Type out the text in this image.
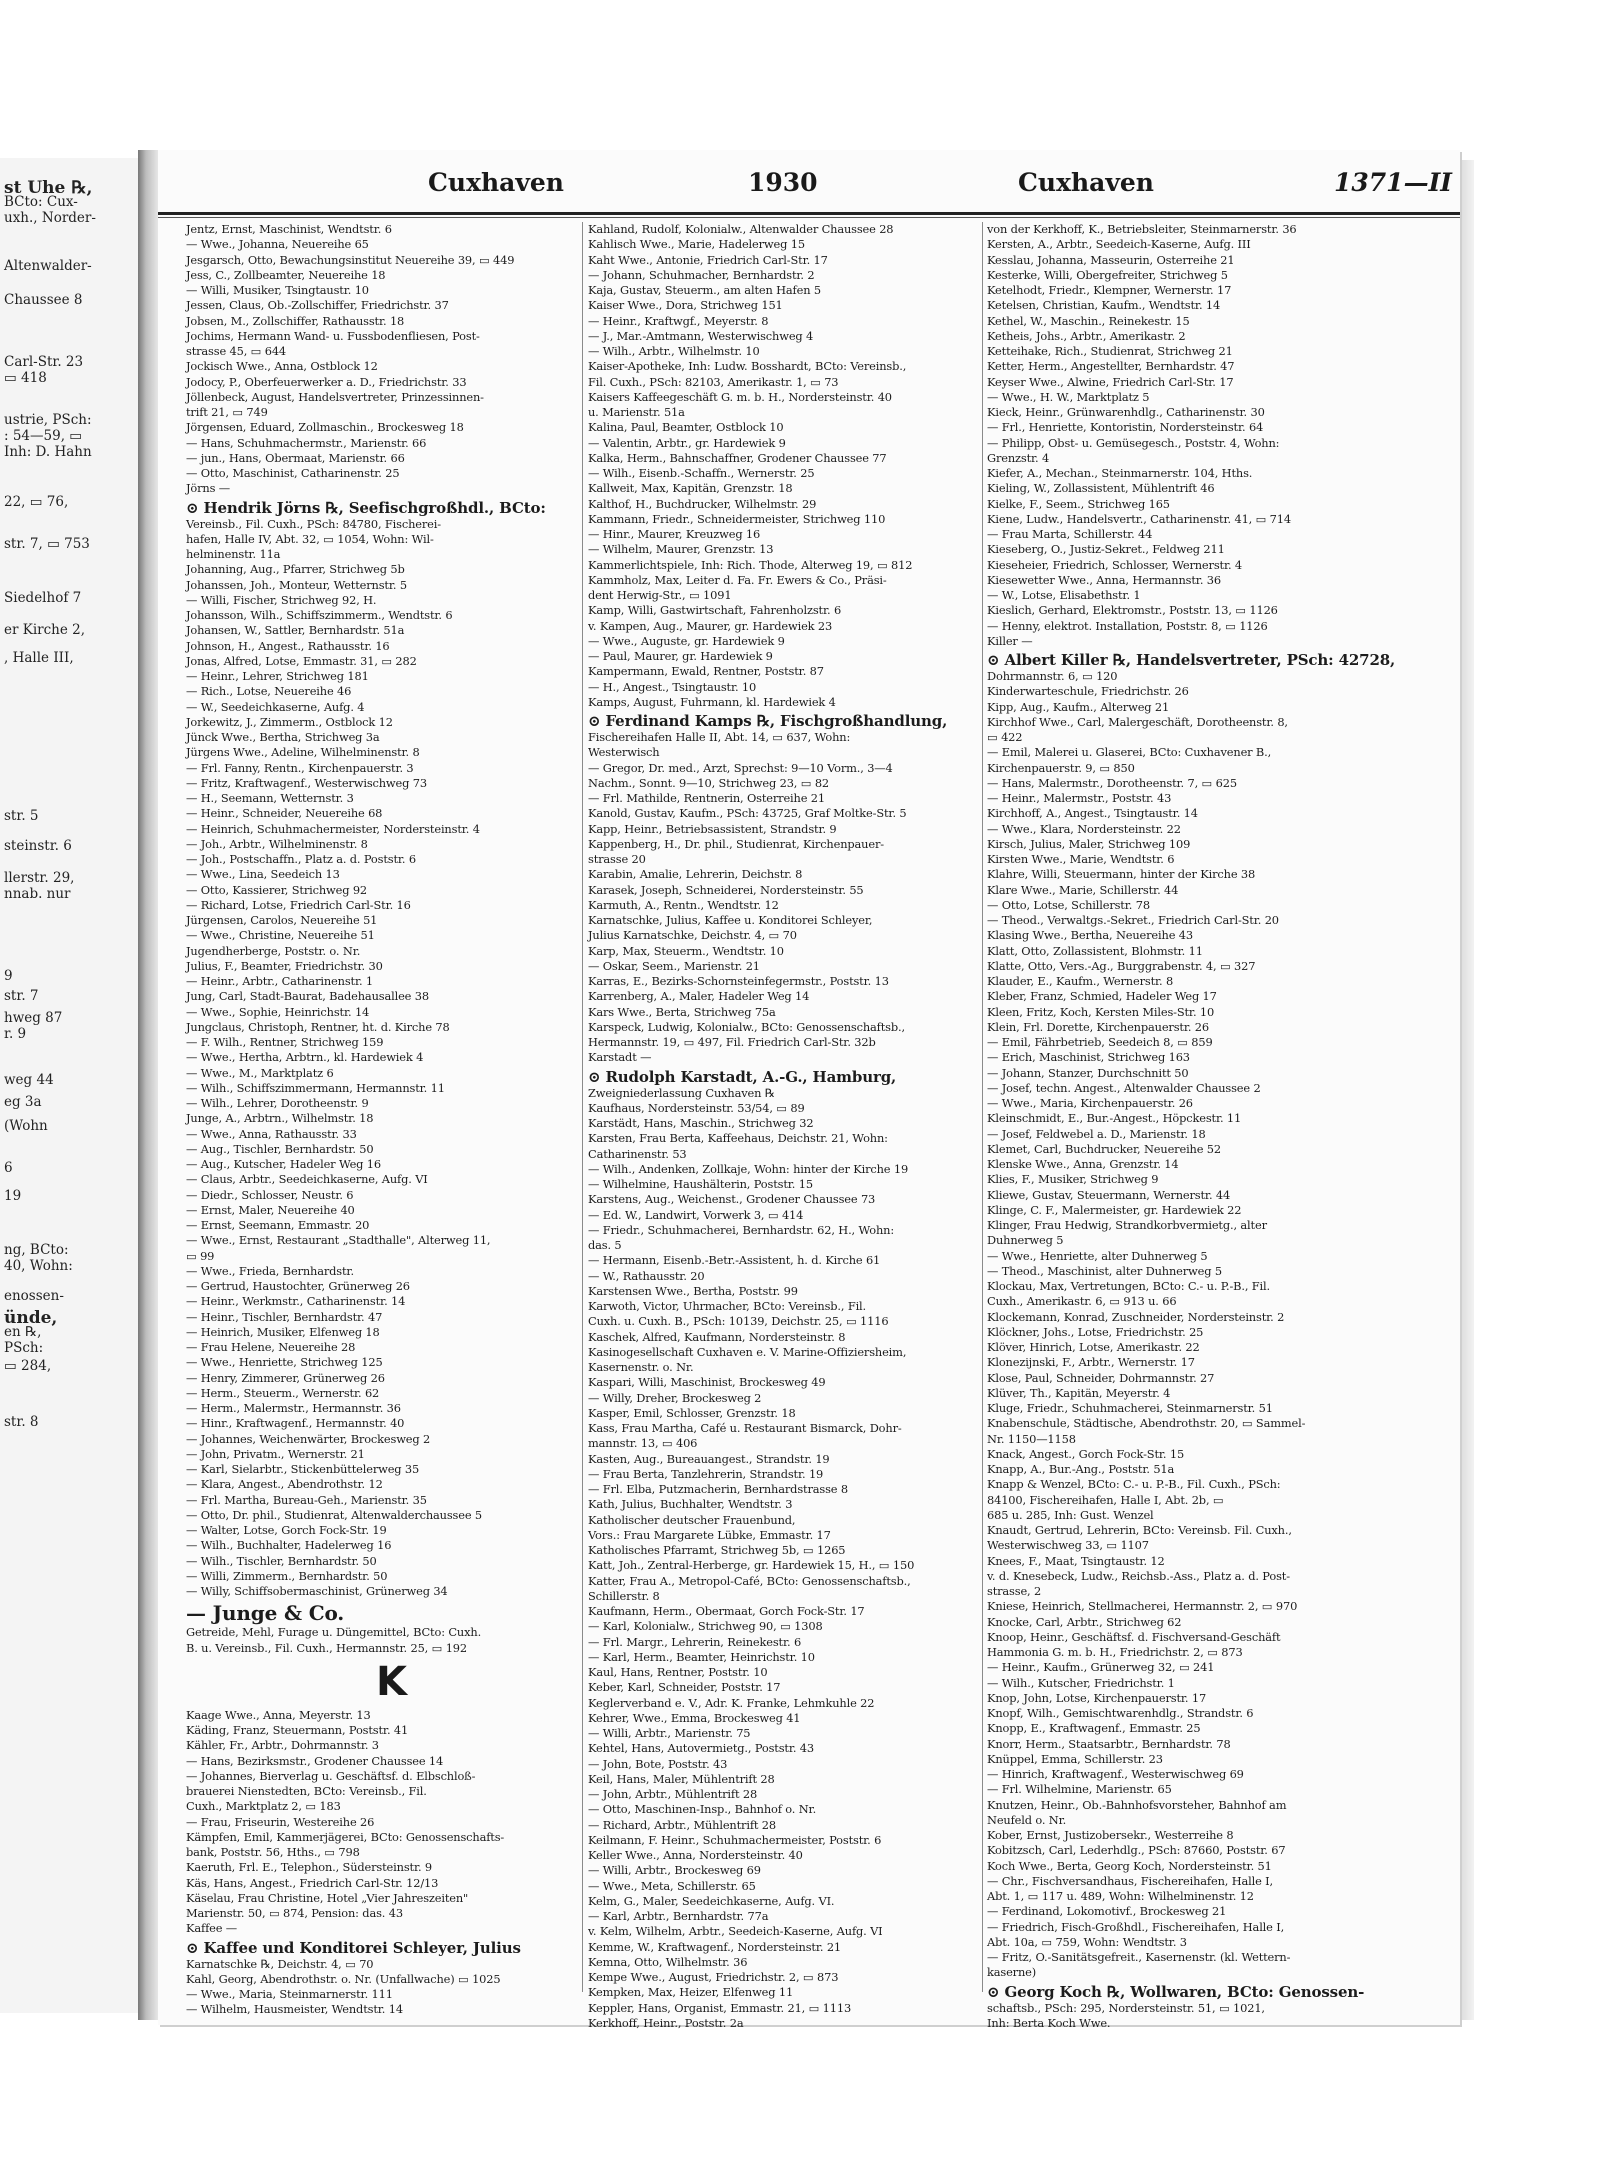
st Uhe ℞,
BCto: Cux-
uxh., Norder-
Altenwalder-
Chaussee 8
Carl-Str. 23
▭ 418
ustrie, PSch:
: 54—59, ▭
Inh: D. Hahn
22, ▭ 76,
str. 7, ▭ 753
Siedelhof 7
er Kirche 2,
, Halle III,
str. 5
steinstr. 6
llerstr. 29,
nnab. nur
9
str. 7
hweg 87
r. 9
weg 44
eg 3a
(Wohn
6
19
ng, BCto:
40, Wohn:
enossen-
ünde,
en ℞,
PSch:
▭ 284,
str. 8
Cuxhaven	1930	Cuxhaven	1371—II
Jentz, Ernst, Maschinist, Wendtstr. 6
— Wwe., Johanna, Neuereihe 65
Jesgarsch, Otto, Bewachungsinstitut Neuereihe 39, ▭ 449
Jess, C., Zollbeamter, Neuereihe 18
— Willi, Musiker, Tsingtaustr. 10
Jessen, Claus, Ob.-Zollschiffer, Friedrichstr. 37
Jobsen, M., Zollschiffer, Rathausstr. 18
Jochims, Hermann Wand- u. Fussbodenfliesen, Post-
strasse 45, ▭ 644
Jockisch Wwe., Anna, Ostblock 12
Jodocy, P., Oberfeuerwerker a. D., Friedrichstr. 33
Jöllenbeck, August, Handelsvertreter, Prinzessinnen-
trift 21, ▭ 749
Jörgensen, Eduard, Zollmaschin., Brockesweg 18
— Hans, Schuhmachermstr., Marienstr. 66
— jun., Hans, Obermaat, Marienstr. 66
— Otto, Maschinist, Catharinenstr. 25
Jörns —
⊙ Hendrik Jörns ℞, Seefischgroßhdl., BCto:
Vereinsb., Fil. Cuxh., PSch: 84780, Fischerei-
hafen, Halle IV, Abt. 32, ▭ 1054, Wohn: Wil-
helminenstr. 11a
Johanning, Aug., Pfarrer, Strichweg 5b
Johanssen, Joh., Monteur, Wetternstr. 5
— Willi, Fischer, Strichweg 92, H.
Johansson, Wilh., Schiffszimmerm., Wendtstr. 6
Johansen, W., Sattler, Bernhardstr. 51a
Johnson, H., Angest., Rathausstr. 16
Jonas, Alfred, Lotse, Emmastr. 31, ▭ 282
— Heinr., Lehrer, Strichweg 181
— Rich., Lotse, Neuereihe 46
— W., Seedeichkaserne, Aufg. 4
Jorkewitz, J., Zimmerm., Ostblock 12
Jünck Wwe., Bertha, Strichweg 3a
Jürgens Wwe., Adeline, Wilhelminenstr. 8
— Frl. Fanny, Rentn., Kirchenpauerstr. 3
— Fritz, Kraftwagenf., Westerwischweg 73
— H., Seemann, Wetternstr. 3
— Heinr., Schneider, Neuereihe 68
— Heinrich, Schuhmachermeister, Nordersteinstr. 4
— Joh., Arbtr., Wilhelminenstr. 8
— Joh., Postschaffn., Platz a. d. Poststr. 6
— Wwe., Lina, Seedeich 13
— Otto, Kassierer, Strichweg 92
— Richard, Lotse, Friedrich Carl-Str. 16
Jürgensen, Carolos, Neuereihe 51
— Wwe., Christine, Neuereihe 51
Jugendherberge, Poststr. o. Nr.
Julius, F., Beamter, Friedrichstr. 30
— Heinr., Arbtr., Catharinenstr. 1
Jung, Carl, Stadt-Baurat, Badehausallee 38
— Wwe., Sophie, Heinrichstr. 14
Jungclaus, Christoph, Rentner, ht. d. Kirche 78
— F. Wilh., Rentner, Strichweg 159
— Wwe., Hertha, Arbtrn., kl. Hardewiek 4
— Wwe., M., Marktplatz 6
— Wilh., Schiffszimmermann, Hermannstr. 11
— Wilh., Lehrer, Dorotheenstr. 9
Junge, A., Arbtrn., Wilhelmstr. 18
— Wwe., Anna, Rathausstr. 33
— Aug., Tischler, Bernhardstr. 50
— Aug., Kutscher, Hadeler Weg 16
— Claus, Arbtr., Seedeichkaserne, Aufg. VI
— Diedr., Schlosser, Neustr. 6
— Ernst, Maler, Neuereihe 40
— Ernst, Seemann, Emmastr. 20
— Wwe., Ernst, Restaurant „Stadthalle", Alterweg 11,
▭ 99
— Wwe., Frieda, Bernhardstr.
— Gertrud, Haustochter, Grünerweg 26
— Heinr., Werkmstr., Catharinenstr. 14
— Heinr., Tischler, Bernhardstr. 47
— Heinrich, Musiker, Elfenweg 18
— Frau Helene, Neuereihe 28
— Wwe., Henriette, Strichweg 125
— Henry, Zimmerer, Grünerweg 26
— Herm., Steuerm., Wernerstr. 62
— Herm., Malermstr., Hermannstr. 36
— Hinr., Kraftwagenf., Hermannstr. 40
— Johannes, Weichenwärter, Brockesweg 2
— John, Privatm., Wernerstr. 21
— Karl, Sielarbtr., Stickenbüttelerweg 35
— Klara, Angest., Abendrothstr. 12
— Frl. Martha, Bureau-Geh., Marienstr. 35
— Otto, Dr. phil., Studienrat, Altenwalderchaussee 5
— Walter, Lotse, Gorch Fock-Str. 19
— Wilh., Buchhalter, Hadelerweg 16
— Wilh., Tischler, Bernhardstr. 50
— Willi, Zimmerm., Bernhardstr. 50
— Willy, Schiffsobermaschinist, Grünerweg 34
— Junge & Co.
Getreide, Mehl, Furage u. Düngemittel, BCto: Cuxh.
B. u. Vereinsb., Fil. Cuxh., Hermannstr. 25, ▭ 192
K
Kaage Wwe., Anna, Meyerstr. 13
Käding, Franz, Steuermann, Poststr. 41
Kähler, Fr., Arbtr., Dohrmannstr. 3
— Hans, Bezirksmstr., Grodener Chaussee 14
— Johannes, Bierverlag u. Geschäftsf. d. Elbschloß-
brauerei Nienstedten, BCto: Vereinsb., Fil.
Cuxh., Marktplatz 2, ▭ 183
— Frau, Friseurin, Westereihe 26
Kämpfen, Emil, Kammerjägerei, BCto: Genossenschafts-
bank, Poststr. 56, Hths., ▭ 798
Kaeruth, Frl. E., Telephon., Südersteinstr. 9
Käs, Hans, Angest., Friedrich Carl-Str. 12/13
Käselau, Frau Christine, Hotel „Vier Jahreszeiten"
Marienstr. 50, ▭ 874, Pension: das. 43
Kaffee —
⊙ Kaffee und Konditorei Schleyer, Julius
Karnatschke ℞, Deichstr. 4, ▭ 70
Kahl, Georg, Abendrothstr. o. Nr. (Unfallwache) ▭ 1025
— Wwe., Maria, Steinmarnerstr. 111
— Wilhelm, Hausmeister, Wendtstr. 14
Kahland, Rudolf, Kolonialw., Altenwalder Chaussee 28
Kahlisch Wwe., Marie, Hadelerweg 15
Kaht Wwe., Antonie, Friedrich Carl-Str. 17
— Johann, Schuhmacher, Bernhardstr. 2
Kaja, Gustav, Steuerm., am alten Hafen 5
Kaiser Wwe., Dora, Strichweg 151
— Heinr., Kraftwgf., Meyerstr. 8
— J., Mar.-Amtmann, Westerwischweg 4
— Wilh., Arbtr., Wilhelmstr. 10
Kaiser-Apotheke, Inh: Ludw. Bosshardt, BCto: Vereinsb.,
Fil. Cuxh., PSch: 82103, Amerikastr. 1, ▭ 73
Kaisers Kaffeegeschäft G. m. b. H., Nordersteinstr. 40
u. Marienstr. 51a
Kalina, Paul, Beamter, Ostblock 10
— Valentin, Arbtr., gr. Hardewiek 9
Kalka, Herm., Bahnschaffner, Grodener Chaussee 77
— Wilh., Eisenb.-Schaffn., Wernerstr. 25
Kallweit, Max, Kapitän, Grenzstr. 18
Kalthof, H., Buchdrucker, Wilhelmstr. 29
Kammann, Friedr., Schneidermeister, Strichweg 110
— Hinr., Maurer, Kreuzweg 16
— Wilhelm, Maurer, Grenzstr. 13
Kammerlichtspiele, Inh: Rich. Thode, Alterweg 19, ▭ 812
Kammholz, Max, Leiter d. Fa. Fr. Ewers & Co., Präsi-
dent Herwig-Str., ▭ 1091
Kamp, Willi, Gastwirtschaft, Fahrenholzstr. 6
v. Kampen, Aug., Maurer, gr. Hardewiek 23
— Wwe., Auguste, gr. Hardewiek 9
— Paul, Maurer, gr. Hardewiek 9
Kampermann, Ewald, Rentner, Poststr. 87
— H., Angest., Tsingtaustr. 10
Kamps, August, Fuhrmann, kl. Hardewiek 4
⊙ Ferdinand Kamps ℞, Fischgroßhandlung,
Fischereihafen Halle II, Abt. 14, ▭ 637, Wohn:
Westerwisch
— Gregor, Dr. med., Arzt, Sprechst: 9—10 Vorm., 3—4
Nachm., Sonnt. 9—10, Strichweg 23, ▭ 82
— Frl. Mathilde, Rentnerin, Osterreihe 21
Kanold, Gustav, Kaufm., PSch: 43725, Graf Moltke-Str. 5
Kapp, Heinr., Betriebsassistent, Strandstr. 9
Kappenberg, H., Dr. phil., Studienrat, Kirchenpauer-
strasse 20
Karabin, Amalie, Lehrerin, Deichstr. 8
Karasek, Joseph, Schneiderei, Nordersteinstr. 55
Karmuth, A., Rentn., Wendtstr. 12
Karnatschke, Julius, Kaffee u. Konditorei Schleyer,
Julius Karnatschke, Deichstr. 4, ▭ 70
Karp, Max, Steuerm., Wendtstr. 10
— Oskar, Seem., Marienstr. 21
Karras, E., Bezirks-Schornsteinfegermstr., Poststr. 13
Karrenberg, A., Maler, Hadeler Weg 14
Kars Wwe., Berta, Strichweg 75a
Karspeck, Ludwig, Kolonialw., BCto: Genossenschaftsb.,
Hermannstr. 19, ▭ 497, Fil. Friedrich Carl-Str. 32b
Karstadt —
⊙ Rudolph Karstadt, A.-G., Hamburg,
Zweigniederlassung Cuxhaven ℞
Kaufhaus, Nordersteinstr. 53/54, ▭ 89
Karstädt, Hans, Maschin., Strichweg 32
Karsten, Frau Berta, Kaffeehaus, Deichstr. 21, Wohn:
Catharinenstr. 53
— Wilh., Andenken, Zollkaje, Wohn: hinter der Kirche 19
— Wilhelmine, Haushälterin, Poststr. 15
Karstens, Aug., Weichenst., Grodener Chaussee 73
— Ed. W., Landwirt, Vorwerk 3, ▭ 414
— Friedr., Schuhmacherei, Bernhardstr. 62, H., Wohn:
das. 5
— Hermann, Eisenb.-Betr.-Assistent, h. d. Kirche 61
— W., Rathausstr. 20
Karstensen Wwe., Bertha, Poststr. 99
Karwoth, Victor, Uhrmacher, BCto: Vereinsb., Fil.
Cuxh. u. Cuxh. B., PSch: 10139, Deichstr. 25, ▭ 1116
Kaschek, Alfred, Kaufmann, Nordersteinstr. 8
Kasinogesellschaft Cuxhaven e. V. Marine-Offiziersheim,
Kasernenstr. o. Nr.
Kaspari, Willi, Maschinist, Brockesweg 49
— Willy, Dreher, Brockesweg 2
Kasper, Emil, Schlosser, Grenzstr. 18
Kass, Frau Martha, Café u. Restaurant Bismarck, Dohr-
mannstr. 13, ▭ 406
Kasten, Aug., Bureauangest., Strandstr. 19
— Frau Berta, Tanzlehrerin, Strandstr. 19
— Frl. Elba, Putzmacherin, Bernhardstrasse 8
Kath, Julius, Buchhalter, Wendtstr. 3
Katholischer deutscher Frauenbund,
Vors.: Frau Margarete Lübke, Emmastr. 17
Katholisches Pfarramt, Strichweg 5b, ▭ 1265
Katt, Joh., Zentral-Herberge, gr. Hardewiek 15, H., ▭ 150
Katter, Frau A., Metropol-Café, BCto: Genossenschaftsb.,
Schillerstr. 8
Kaufmann, Herm., Obermaat, Gorch Fock-Str. 17
— Karl, Kolonialw., Strichweg 90, ▭ 1308
— Frl. Margr., Lehrerin, Reinekestr. 6
— Karl, Herm., Beamter, Heinrichstr. 10
Kaul, Hans, Rentner, Poststr. 10
Keber, Karl, Schneider, Poststr. 17
Keglerverband e. V., Adr. K. Franke, Lehmkuhle 22
Kehrer, Wwe., Emma, Brockesweg 41
— Willi, Arbtr., Marienstr. 75
Kehtel, Hans, Autovermietg., Poststr. 43
— John, Bote, Poststr. 43
Keil, Hans, Maler, Mühlentrift 28
— John, Arbtr., Mühlentrift 28
— Otto, Maschinen-Insp., Bahnhof o. Nr.
— Richard, Arbtr., Mühlentrift 28
Keilmann, F. Heinr., Schuhmachermeister, Poststr. 6
Keller Wwe., Anna, Nordersteinstr. 40
— Willi, Arbtr., Brockesweg 69
— Wwe., Meta, Schillerstr. 65
Kelm, G., Maler, Seedeichkaserne, Aufg. VI.
— Karl, Arbtr., Bernhardstr. 77a
v. Kelm, Wilhelm, Arbtr., Seedeich-Kaserne, Aufg. VI
Kemme, W., Kraftwagenf., Nordersteinstr. 21
Kemna, Otto, Wilhelmstr. 36
Kempe Wwe., August, Friedrichstr. 2, ▭ 873
Kempken, Max, Heizer, Elfenweg 11
Keppler, Hans, Organist, Emmastr. 21, ▭ 1113
Kerkhoff, Heinr., Poststr. 2a
von der Kerkhoff, K., Betriebsleiter, Steinmarnerstr. 36
Kersten, A., Arbtr., Seedeich-Kaserne, Aufg. III
Kesslau, Johanna, Masseurin, Osterreihe 21
Kesterke, Willi, Obergefreiter, Strichweg 5
Ketelhodt, Friedr., Klempner, Wernerstr. 17
Ketelsen, Christian, Kaufm., Wendtstr. 14
Kethel, W., Maschin., Reinekestr. 15
Ketheis, Johs., Arbtr., Amerikastr. 2
Ketteihake, Rich., Studienrat, Strichweg 21
Ketter, Herm., Angestellter, Bernhardstr. 47
Keyser Wwe., Alwine, Friedrich Carl-Str. 17
— Wwe., H. W., Marktplatz 5
Kieck, Heinr., Grünwarenhdlg., Catharinenstr. 30
— Frl., Henriette, Kontoristin, Nordersteinstr. 64
— Philipp, Obst- u. Gemüsegesch., Poststr. 4, Wohn:
Grenzstr. 4
Kiefer, A., Mechan., Steinmarnerstr. 104, Hths.
Kieling, W., Zollassistent, Mühlentrift 46
Kielke, F., Seem., Strichweg 165
Kiene, Ludw., Handelsvertr., Catharinenstr. 41, ▭ 714
— Frau Marta, Schillerstr. 44
Kieseberg, O., Justiz-Sekret., Feldweg 211
Kieseheier, Friedrich, Schlosser, Wernerstr. 4
Kiesewetter Wwe., Anna, Hermannstr. 36
— W., Lotse, Elisabethstr. 1
Kieslich, Gerhard, Elektromstr., Poststr. 13, ▭ 1126
— Henny, elektrot. Installation, Poststr. 8, ▭ 1126
Killer —
⊙ Albert Killer ℞, Handelsvertreter, PSch: 42728,
Dohrmannstr. 6, ▭ 120
Kinderwarteschule, Friedrichstr. 26
Kipp, Aug., Kaufm., Alterweg 21
Kirchhof Wwe., Carl, Malergeschäft, Dorotheenstr. 8,
▭ 422
— Emil, Malerei u. Glaserei, BCto: Cuxhavener B.,
Kirchenpauerstr. 9, ▭ 850
— Hans, Malermstr., Dorotheenstr. 7, ▭ 625
— Heinr., Malermstr., Poststr. 43
Kirchhoff, A., Angest., Tsingtaustr. 14
— Wwe., Klara, Nordersteinstr. 22
Kirsch, Julius, Maler, Strichweg 109
Kirsten Wwe., Marie, Wendtstr. 6
Klahre, Willi, Steuermann, hinter der Kirche 38
Klare Wwe., Marie, Schillerstr. 44
— Otto, Lotse, Schillerstr. 78
— Theod., Verwaltgs.-Sekret., Friedrich Carl-Str. 20
Klasing Wwe., Bertha, Neuereihe 43
Klatt, Otto, Zollassistent, Blohmstr. 11
Klatte, Otto, Vers.-Ag., Burggrabenstr. 4, ▭ 327
Klauder, E., Kaufm., Wernerstr. 8
Kleber, Franz, Schmied, Hadeler Weg 17
Kleen, Fritz, Koch, Kersten Miles-Str. 10
Klein, Frl. Dorette, Kirchenpauerstr. 26
— Emil, Fährbetrieb, Seedeich 8, ▭ 859
— Erich, Maschinist, Strichweg 163
— Johann, Stanzer, Durchschnitt 50
— Josef, techn. Angest., Altenwalder Chaussee 2
— Wwe., Maria, Kirchenpauerstr. 26
Kleinschmidt, E., Bur.-Angest., Höpckestr. 11
— Josef, Feldwebel a. D., Marienstr. 18
Klemet, Carl, Buchdrucker, Neuereihe 52
Klenske Wwe., Anna, Grenzstr. 14
Klies, F., Musiker, Strichweg 9
Kliewe, Gustav, Steuermann, Wernerstr. 44
Klinge, C. F., Malermeister, gr. Hardewiek 22
Klinger, Frau Hedwig, Strandkorbvermietg., alter
Duhnerweg 5
— Wwe., Henriette, alter Duhnerweg 5
— Theod., Maschinist, alter Duhnerweg 5
Klockau, Max, Vertretungen, BCto: C.- u. P.-B., Fil.
Cuxh., Amerikastr. 6, ▭ 913 u. 66
Klockemann, Konrad, Zuschneider, Nordersteinstr. 2
Klöckner, Johs., Lotse, Friedrichstr. 25
Klöver, Hinrich, Lotse, Amerikastr. 22
Klonezijnski, F., Arbtr., Wernerstr. 17
Klose, Paul, Schneider, Dohrmannstr. 27
Klüver, Th., Kapitän, Meyerstr. 4
Kluge, Friedr., Schuhmacherei, Steinmarnerstr. 51
Knabenschule, Städtische, Abendrothstr. 20, ▭ Sammel-
Nr. 1150—1158
Knack, Angest., Gorch Fock-Str. 15
Knapp, A., Bur.-Ang., Poststr. 51a
Knapp & Wenzel, BCto: C.- u. P.-B., Fil. Cuxh., PSch:
84100, Fischereihafen, Halle I, Abt. 2b, ▭
685 u. 285, Inh: Gust. Wenzel
Knaudt, Gertrud, Lehrerin, BCto: Vereinsb. Fil. Cuxh.,
Westerwischweg 33, ▭ 1107
Knees, F., Maat, Tsingtaustr. 12
v. d. Knesebeck, Ludw., Reichsb.-Ass., Platz a. d. Post-
strasse, 2
Kniese, Heinrich, Stellmacherei, Hermannstr. 2, ▭ 970
Knocke, Carl, Arbtr., Strichweg 62
Knoop, Heinr., Geschäftsf. d. Fischversand-Geschäft
Hammonia G. m. b. H., Friedrichstr. 2, ▭ 873
— Heinr., Kaufm., Grünerweg 32, ▭ 241
— Wilh., Kutscher, Friedrichstr. 1
Knop, John, Lotse, Kirchenpauerstr. 17
Knopf, Wilh., Gemischtwarenhdlg., Strandstr. 6
Knopp, E., Kraftwagenf., Emmastr. 25
Knorr, Herm., Staatsarbtr., Bernhardstr. 78
Knüppel, Emma, Schillerstr. 23
— Hinrich, Kraftwagenf., Westerwischweg 69
— Frl. Wilhelmine, Marienstr. 65
Knutzen, Heinr., Ob.-Bahnhofsvorsteher, Bahnhof am
Neufeld o. Nr.
Kober, Ernst, Justizobersekr., Westerreihe 8
Kobitzsch, Carl, Lederhdlg., PSch: 87660, Poststr. 67
Koch Wwe., Berta, Georg Koch, Nordersteinstr. 51
— Chr., Fischversandhaus, Fischereihafen, Halle I,
Abt. 1, ▭ 117 u. 489, Wohn: Wilhelminenstr. 12
— Ferdinand, Lokomotivf., Brockesweg 21
— Friedrich, Fisch-Großhdl., Fischereihafen, Halle I,
Abt. 10a, ▭ 759, Wohn: Wendtstr. 3
— Fritz, O.-Sanitätsgefreit., Kasernenstr. (kl. Wettern-
kaserne)
⊙ Georg Koch ℞, Wollwaren, BCto: Genossen-
schaftsb., PSch: 295, Nordersteinstr. 51, ▭ 1021,
Inh: Berta Koch Wwe.
